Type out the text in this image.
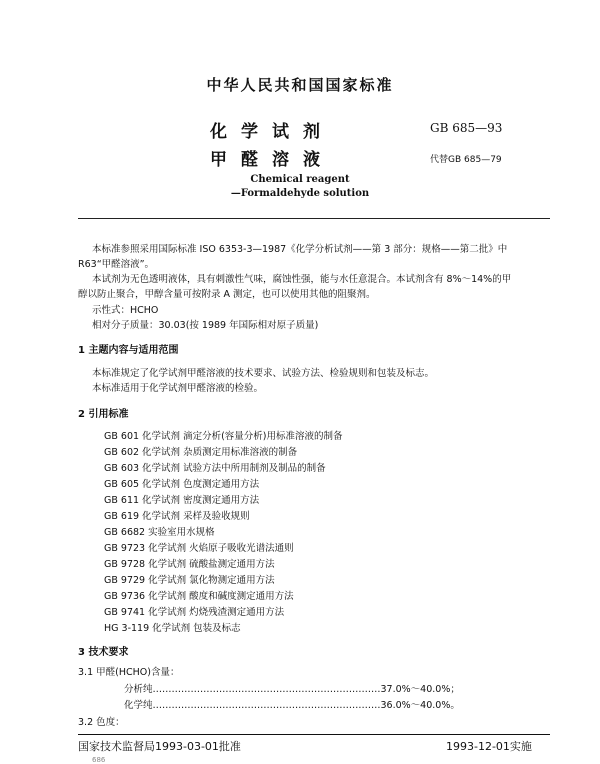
中华人民共和国国家标准
化学试剂
甲醛溶液
GB 685—93
代替GB 685—79
Chemical reagent
—Formaldehyde solution
本标准参照采用国际标准 ISO 6353-3—1987《化学分析试剂——第 3 部分：规格——第二批》中
R63“甲醛溶液”。
本试剂为无色透明液体，具有刺激性气味，腐蚀性强，能与水任意混合。本试剂含有 8%～14%的甲
醇以防止聚合，甲醇含量可按附录 A 测定，也可以使用其他的阻聚剂。
示性式：HCHO
相对分子质量：30.03(按 1989 年国际相对原子质量)
1 主题内容与适用范围
本标准规定了化学试剂甲醛溶液的技术要求、试验方法、检验规则和包装及标志。
本标准适用于化学试剂甲醛溶液的检验。
2 引用标准
GB 601 化学试剂 滴定分析(容量分析)用标准溶液的制备
GB 602 化学试剂 杂质测定用标准溶液的制备
GB 603 化学试剂 试验方法中所用制剂及制品的制备
GB 605 化学试剂 色度测定通用方法
GB 611 化学试剂 密度测定通用方法
GB 619 化学试剂 采样及验收规则
GB 6682 实验室用水规格
GB 9723 化学试剂 火焰原子吸收光谱法通则
GB 9728 化学试剂 硫酸盐测定通用方法
GB 9729 化学试剂 氯化物测定通用方法
GB 9736 化学试剂 酸度和碱度测定通用方法
GB 9741 化学试剂 灼烧残渣测定通用方法
HG 3-119 化学试剂 包装及标志
3 技术要求
3.1 甲醛(HCHO)含量：
分析纯………………………………………………………………37.0%～40.0%；
化学纯………………………………………………………………36.0%～40.0%。
3.2 色度：
国家技术监督局1993-03-01批准	1993-12-01实施
686
